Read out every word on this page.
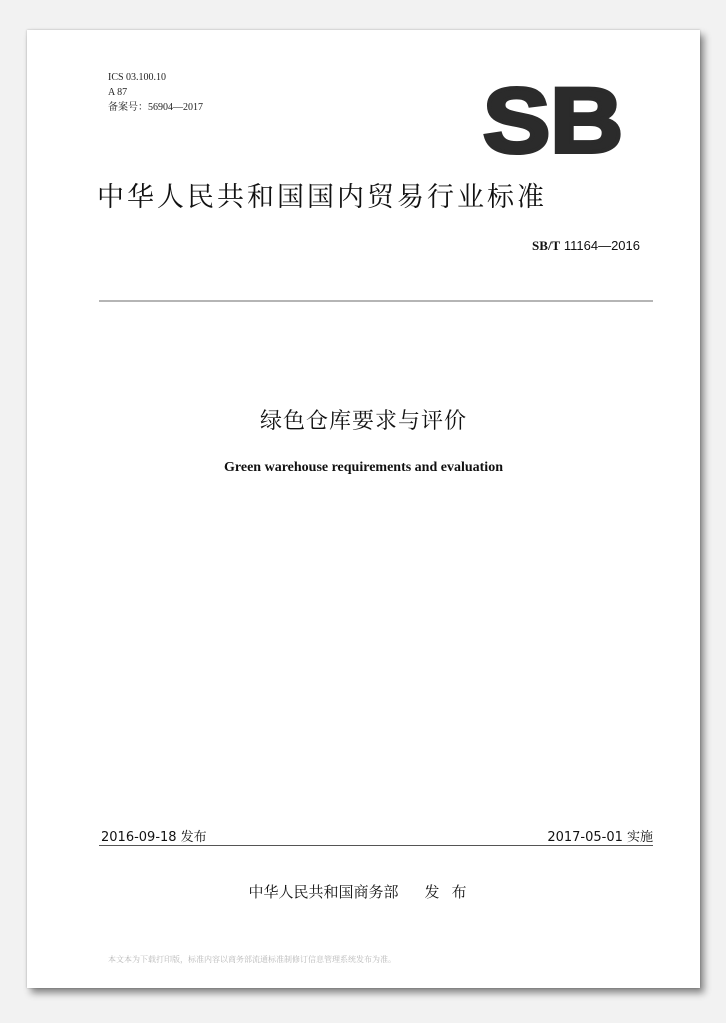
ICS 03.100.10
A 87
备案号：56904—2017	SB
中华人民共和国国内贸易行业标准
SB/T 11164—2016
绿色仓库要求与评价
Green warehouse requirements and evaluation
2016-09-18 发布	2017-05-01 实施
中华人民共和国商务部 发布
本文本为下载打印版，标准内容以商务部流通标准制修订信息管理系统发布为准。
